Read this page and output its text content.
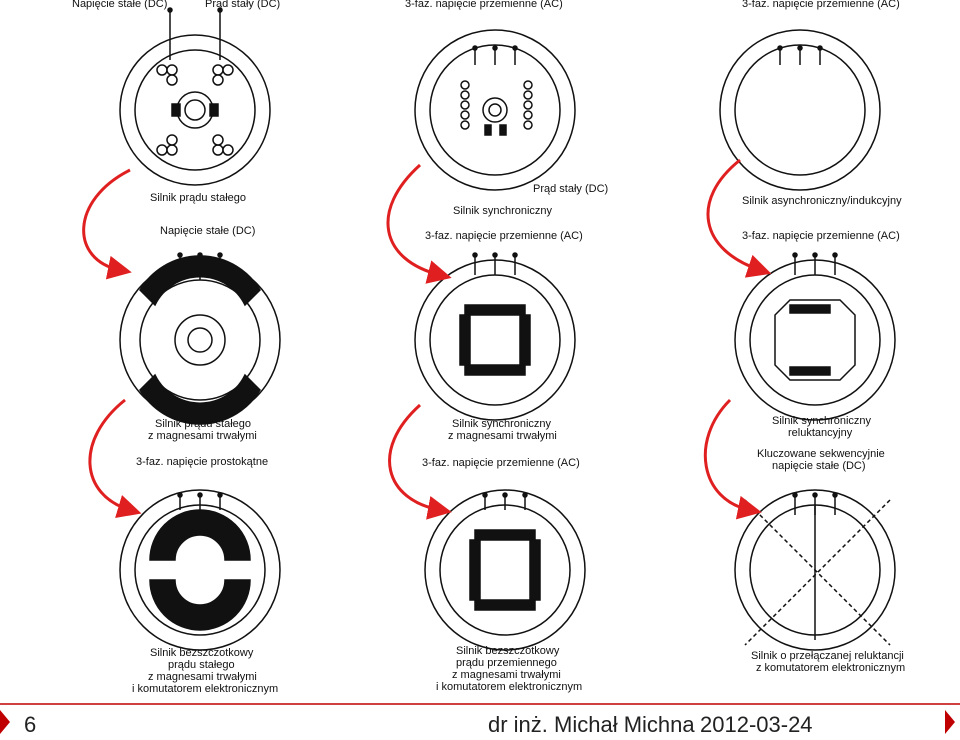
Napięcie stałe (DC)	Prąd stały (DC)	3-faz. napięcie przemienne (AC)	3-faz. napięcie przemienne (AC)
Silnik prądu stałego
Napięcie stałe (DC)
Prąd stały (DC)
Silnik synchroniczny
3-faz. napięcie przemienne (AC)
Silnik asynchroniczny/indukcyjny
3-faz. napięcie przemienne (AC)
Silnik prądu stałego
z magnesami trwałymi
3-faz. napięcie prostokątne
Silnik synchroniczny
z magnesami trwałymi
3-faz. napięcie przemienne (AC)
Silnik synchroniczny
reluktancyjny
Kluczowane sekwencyjnie
napięcie stałe (DC)
Silnik bezszczotkowy
prądu stałego
z magnesami trwałymi
i komutatorem elektronicznym
Silnik bezszczotkowy
prądu przemiennego
z magnesami trwałymi
i komutatorem elektronicznym
Silnik o przełączanej reluktancji
z komutatorem elektronicznym
6	dr inż. Michał Michna 2012-03-24
